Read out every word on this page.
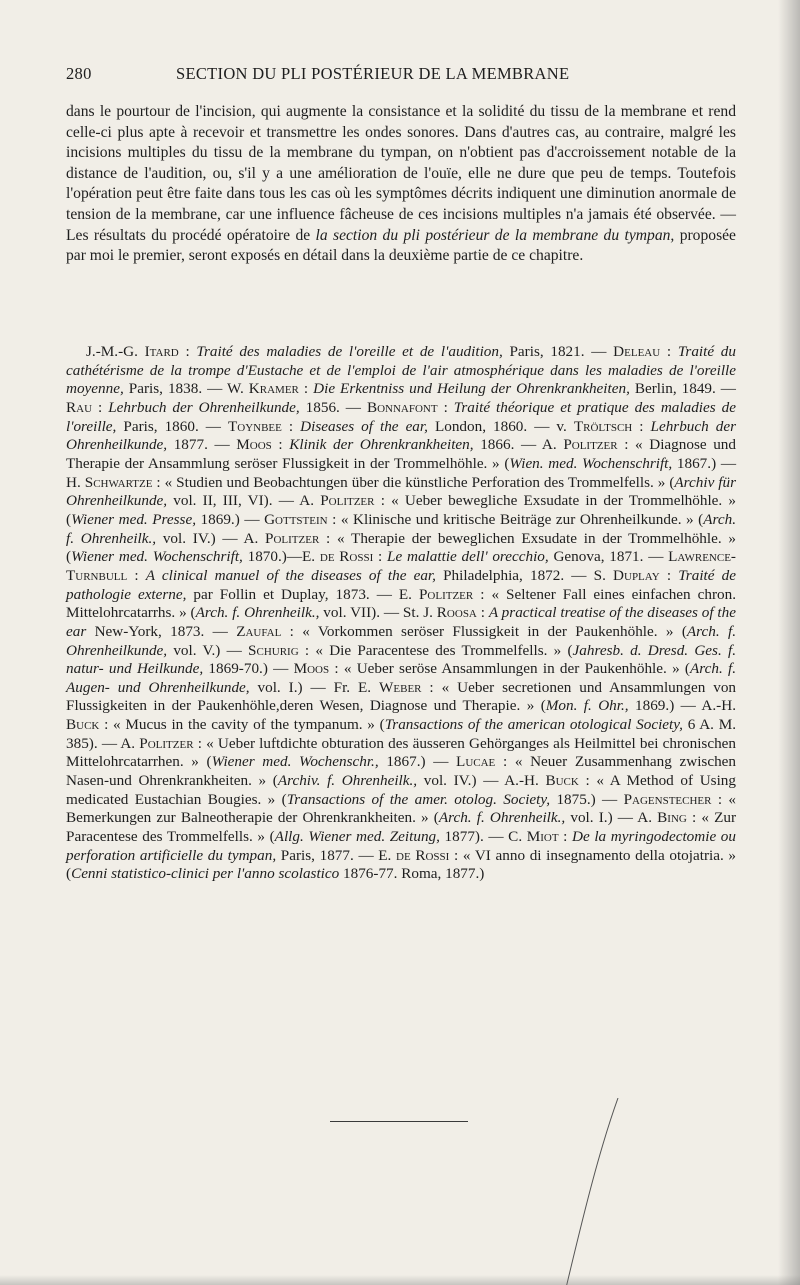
280	SECTION DU PLI POSTÉRIEUR DE LA MEMBRANE

dans le pourtour de l'incision, qui augmente la consistance et la solidité du tissu de la membrane et rend celle-ci plus apte à recevoir et transmettre les ondes sonores. Dans d'autres cas, au contraire, malgré les incisions multiples du tissu de la membrane du tympan, on n'obtient pas d'accroissement notable de la distance de l'audition, ou, s'il y a une amélioration de l'ouïe, elle ne dure que peu de temps. Toutefois l'opération peut être faite dans tous les cas où les symptômes décrits indiquent une diminution anormale de tension de la membrane, car une influence fâcheuse de ces incisions multiples n'a jamais été observée. — Les résultats du procédé opératoire de la section du pli postérieur de la membrane du tympan, proposée par moi le premier, seront exposés en détail dans la deuxième partie de ce chapitre.

J.-M.-G. Itard : Traité des maladies de l'oreille et de l'audition, Paris, 1821. — Deleau : Traité du cathétérisme de la trompe d'Eustache et de l'emploi de l'air atmosphérique dans les maladies de l'oreille moyenne, Paris, 1838. — W. Kramer : Die Erkentniss und Heilung der Ohrenkrankheiten, Berlin, 1849. — Rau : Lehrbuch der Ohrenheilkunde, 1856. — Bonnafont : Traité théorique et pratique des maladies de l'oreille, Paris, 1860. — Toynbee : Diseases of the ear, London, 1860. — v. Tröltsch : Lehrbuch der Ohrenheilkunde, 1877. — Moos : Klinik der Ohrenkrankheiten, 1866. — A. Politzer : « Diagnose und Therapie der Ansammlung seröser Flussigkeit in der Trommelhöhle. » (Wien. med. Wochenschrift, 1867.) — H. Schwartze : « Studien und Beobachtungen über die künstliche Perforation des Trommelfells. » (Archiv für Ohrenheilkunde, vol. II, III, VI). — A. Politzer : « Ueber bewegliche Exsudate in der Trommelhöhle. » (Wiener med. Presse, 1869.) — Gottstein : « Klinische und kritische Beiträge zur Ohrenheilkunde. » (Arch. f. Ohrenheilk., vol. IV.) — A. Politzer : « Therapie der beweglichen Exsudate in der Trommelhöhle. » (Wiener med. Wochenschrift, 1870.)—E. de Rossi : Le malattie dell' orecchio, Genova, 1871. — Lawrence-Turnbull : A clinical manuel of the diseases of the ear, Philadelphia, 1872. — S. Duplay : Traité de pathologie externe, par Follin et Duplay, 1873. — E. Politzer : « Seltener Fall eines einfachen chron. Mittelohrcatarrhs. » (Arch. f. Ohrenheilk., vol. VII). — St. J. Roosa : A practical treatise of the diseases of the ear New-York, 1873. — Zaufal : « Vorkommen seröser Flussigkeit in der Paukenhöhle. » (Arch. f. Ohrenheilkunde, vol. V.) — Schurig : « Die Paracentese des Trommelfells. » (Jahresb. d. Dresd. Ges. f. natur- und Heilkunde, 1869-70.) — Moos : « Ueber seröse Ansammlungen in der Paukenhöhle. » (Arch. f. Augen- und Ohrenheilkunde, vol. I.) — Fr. E. Weber : « Ueber secretionen und Ansammlungen von Flussigkeiten in der Paukenhöhle,deren Wesen, Diagnose und Therapie. » (Mon. f. Ohr., 1869.) — A.-H. Buck : « Mucus in the cavity of the tympanum. » (Transactions of the american otological Society, 6 A. M. 385). — A. Politzer : « Ueber luftdichte obturation des äusseren Gehörganges als Heilmittel bei chronischen Mittelohrcatarrhen. » (Wiener med. Wochenschr., 1867.) — Lucae : « Neuer Zusammenhang zwischen Nasen-und Ohrenkrankheiten. » (Archiv. f. Ohrenheilk., vol. IV.) — A.-H. Buck : « A Method of Using medicated Eustachian Bougies. » (Transactions of the amer. otolog. Society, 1875.) — Pagenstecher : « Bemerkungen zur Balneotherapie der Ohrenkrankheiten. » (Arch. f. Ohrenheilk., vol. I.) — A. Bing : « Zur Paracentese des Trommelfells. » (Allg. Wiener med. Zeitung, 1877). — C. Miot : De la myringodectomie ou perforation artificielle du tympan, Paris, 1877. — E. de Rossi : « VI anno di insegnamento della otojatria. » (Cenni statistico-clinici per l'anno scolastico 1876-77. Roma, 1877.)
